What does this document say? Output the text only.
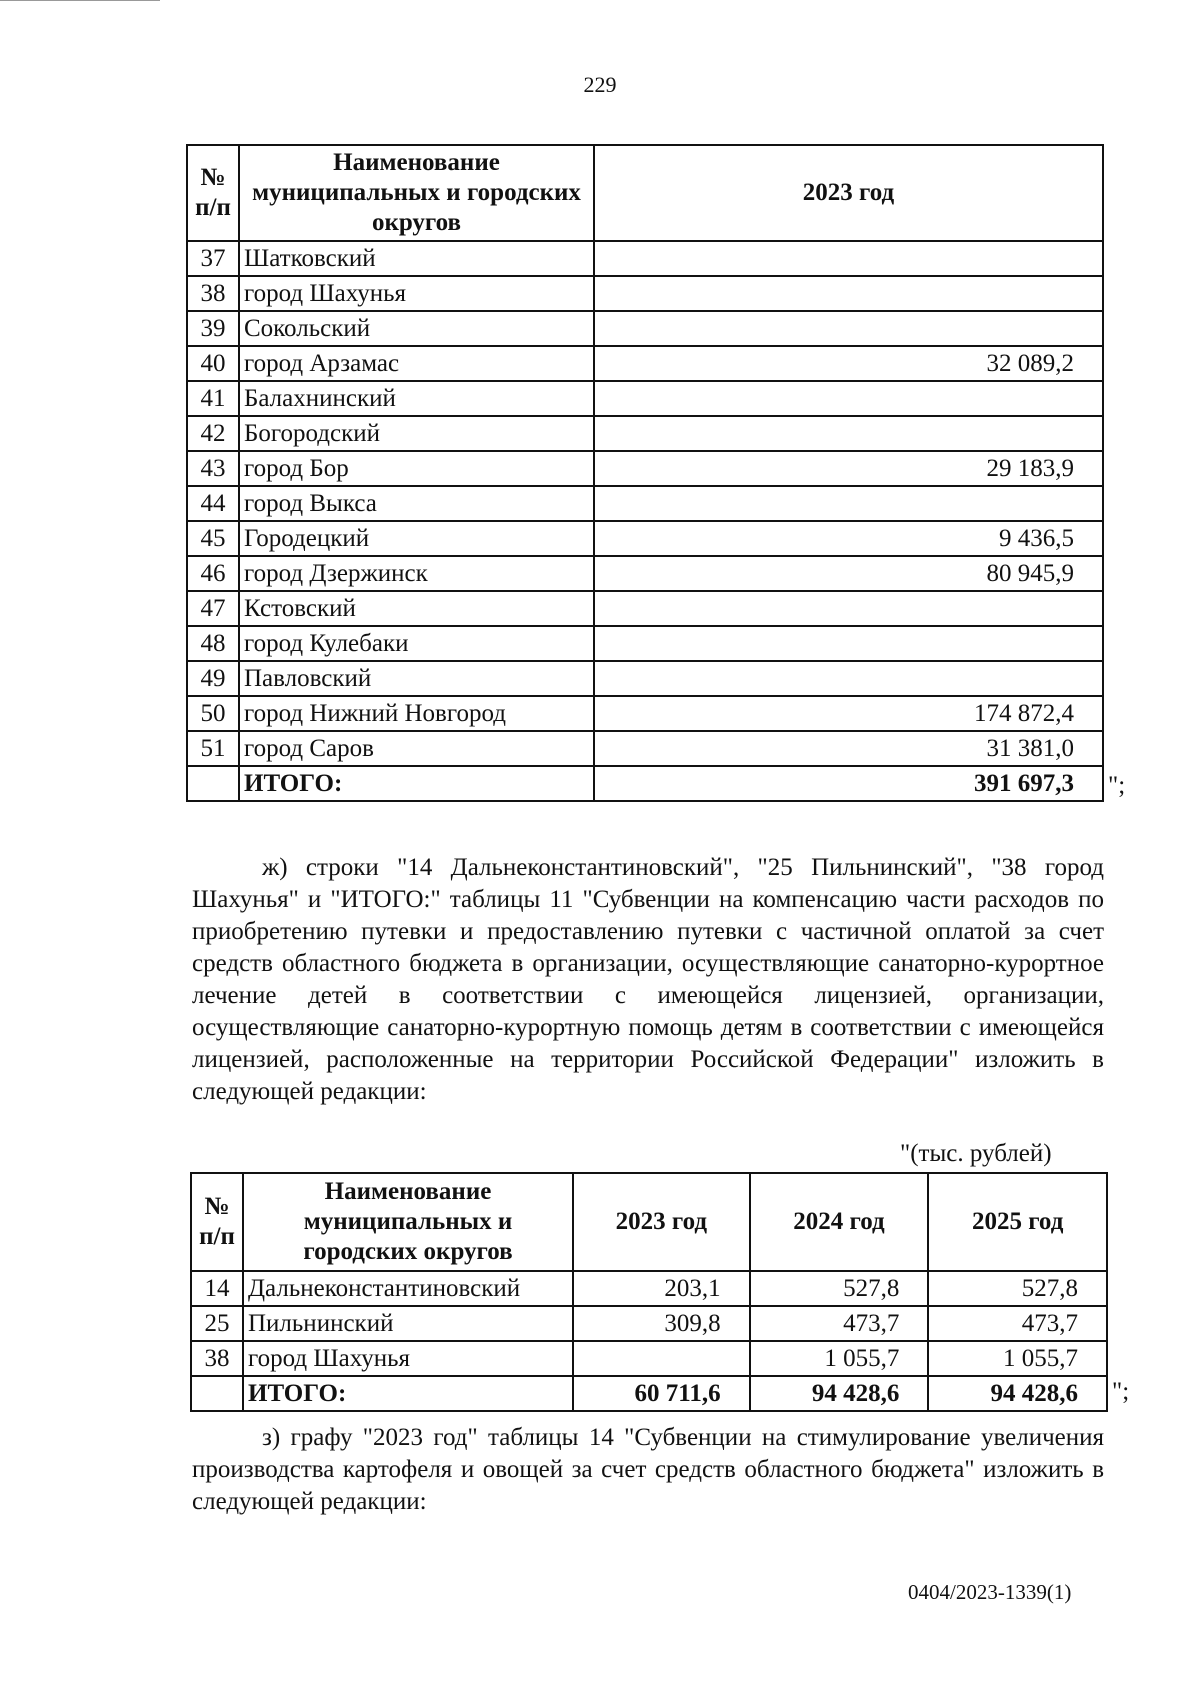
229
№ п/п	Наименование муниципальных и городских округов	2023 год
37	Шатковский	
38	город Шахунья	
39	Сокольский	
40	город Арзамас	32 089,2
41	Балахнинский	
42	Богородский	
43	город Бор	29 183,9
44	город Выкса	
45	Городецкий	9 436,5
46	город Дзержинск	80 945,9
47	Кстовский	
48	город Кулебаки	
49	Павловский	
50	город Нижний Новгород	174 872,4
51	город Саров	31 381,0
	ИТОГО:	391 697,3 ";
ж) строки "14 Дальнеконстантиновский", "25 Пильнинский", "38 город Шахунья" и "ИТОГО:" таблицы 11 "Субвенции на компенсацию части расходов по приобретению путевки и предоставлению путевки с частичной оплатой за счет средств областного бюджета в организации, осуществляющие санаторно-курортное лечение детей в соответствии с имеющейся лицензией, организации, осуществляющие санаторно-курортную помощь детям в соответствии с имеющейся лицензией, расположенные на территории Российской Федерации" изложить в следующей редакции:
"(тыс. рублей)
№ п/п	Наименование муниципальных и городских округов	2023 год	2024 год	2025 год
14	Дальнеконстантиновский	203,1	527,8	527,8
25	Пильнинский	309,8	473,7	473,7
38	город Шахунья		1 055,7	1 055,7
	ИТОГО:	60 711,6	94 428,6	94 428,6 ";
з) графу "2023 год" таблицы 14 "Субвенции на стимулирование увеличения производства картофеля и овощей за счет средств областного бюджета" изложить в следующей редакции:
0404/2023-1339(1)
